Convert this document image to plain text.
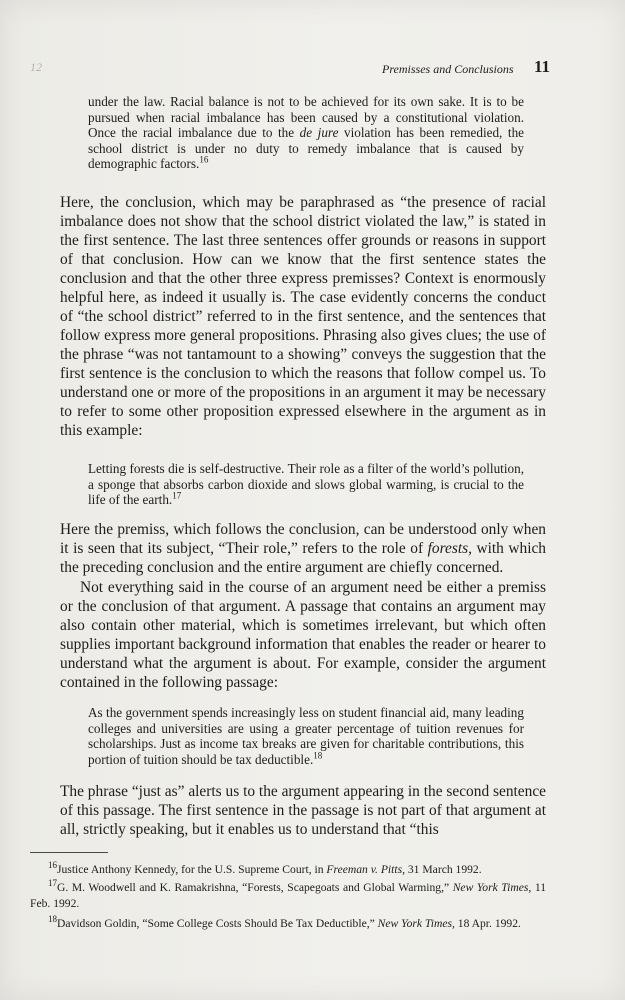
12	Premisses and Conclusions 11
under the law. Racial balance is not to be achieved for its own sake. It is to be pursued when racial imbalance has been caused by a constitutional violation. Once the racial imbalance due to the de jure violation has been remedied, the school district is under no duty to remedy imbalance that is caused by demographic factors.$^{16}$
Here, the conclusion, which may be paraphrased as “the presence of racial imbalance does not show that the school district violated the law,” is stated in the first sentence. The last three sentences offer grounds or reasons in support of that conclusion. How can we know that the first sentence states the conclusion and that the other three express premisses? Context is enormously helpful here, as indeed it usually is. The case evidently concerns the conduct of “the school district” referred to in the first sentence, and the sentences that follow express more general propositions. Phrasing also gives clues; the use of the phrase “was not tantamount to a showing” conveys the suggestion that the first sentence is the conclusion to which the reasons that follow compel us. To understand one or more of the propositions in an argument it may be necessary to refer to some other proposition expressed elsewhere in the argument as in this example:
Letting forests die is self-destructive. Their role as a filter of the world’s pollution, a sponge that absorbs carbon dioxide and slows global warming, is crucial to the life of the earth.$^{17}$
Here the premiss, which follows the conclusion, can be understood only when it is seen that its subject, “Their role,” refers to the role of forests, with which the preceding conclusion and the entire argument are chiefly concerned.
Not everything said in the course of an argument need be either a premiss or the conclusion of that argument. A passage that contains an argument may also contain other material, which is sometimes irrelevant, but which often supplies important background information that enables the reader or hearer to understand what the argument is about. For example, consider the argument contained in the following passage:
As the government spends increasingly less on student financial aid, many leading colleges and universities are using a greater percentage of tuition revenues for scholarships. Just as income tax breaks are given for charitable contributions, this portion of tuition should be tax deductible.$^{18}$
The phrase “just as” alerts us to the argument appearing in the second sentence of this passage. The first sentence in the passage is not part of that argument at all, strictly speaking, but it enables us to understand that “this
$^{16}$Justice Anthony Kennedy, for the U.S. Supreme Court, in Freeman v. Pitts, 31 March 1992.
$^{17}$G. M. Woodwell and K. Ramakrishna, “Forests, Scapegoats and Global Warming,” New York Times, 11 Feb. 1992.
$^{18}$Davidson Goldin, “Some College Costs Should Be Tax Deductible,” New York Times, 18 Apr. 1992.
